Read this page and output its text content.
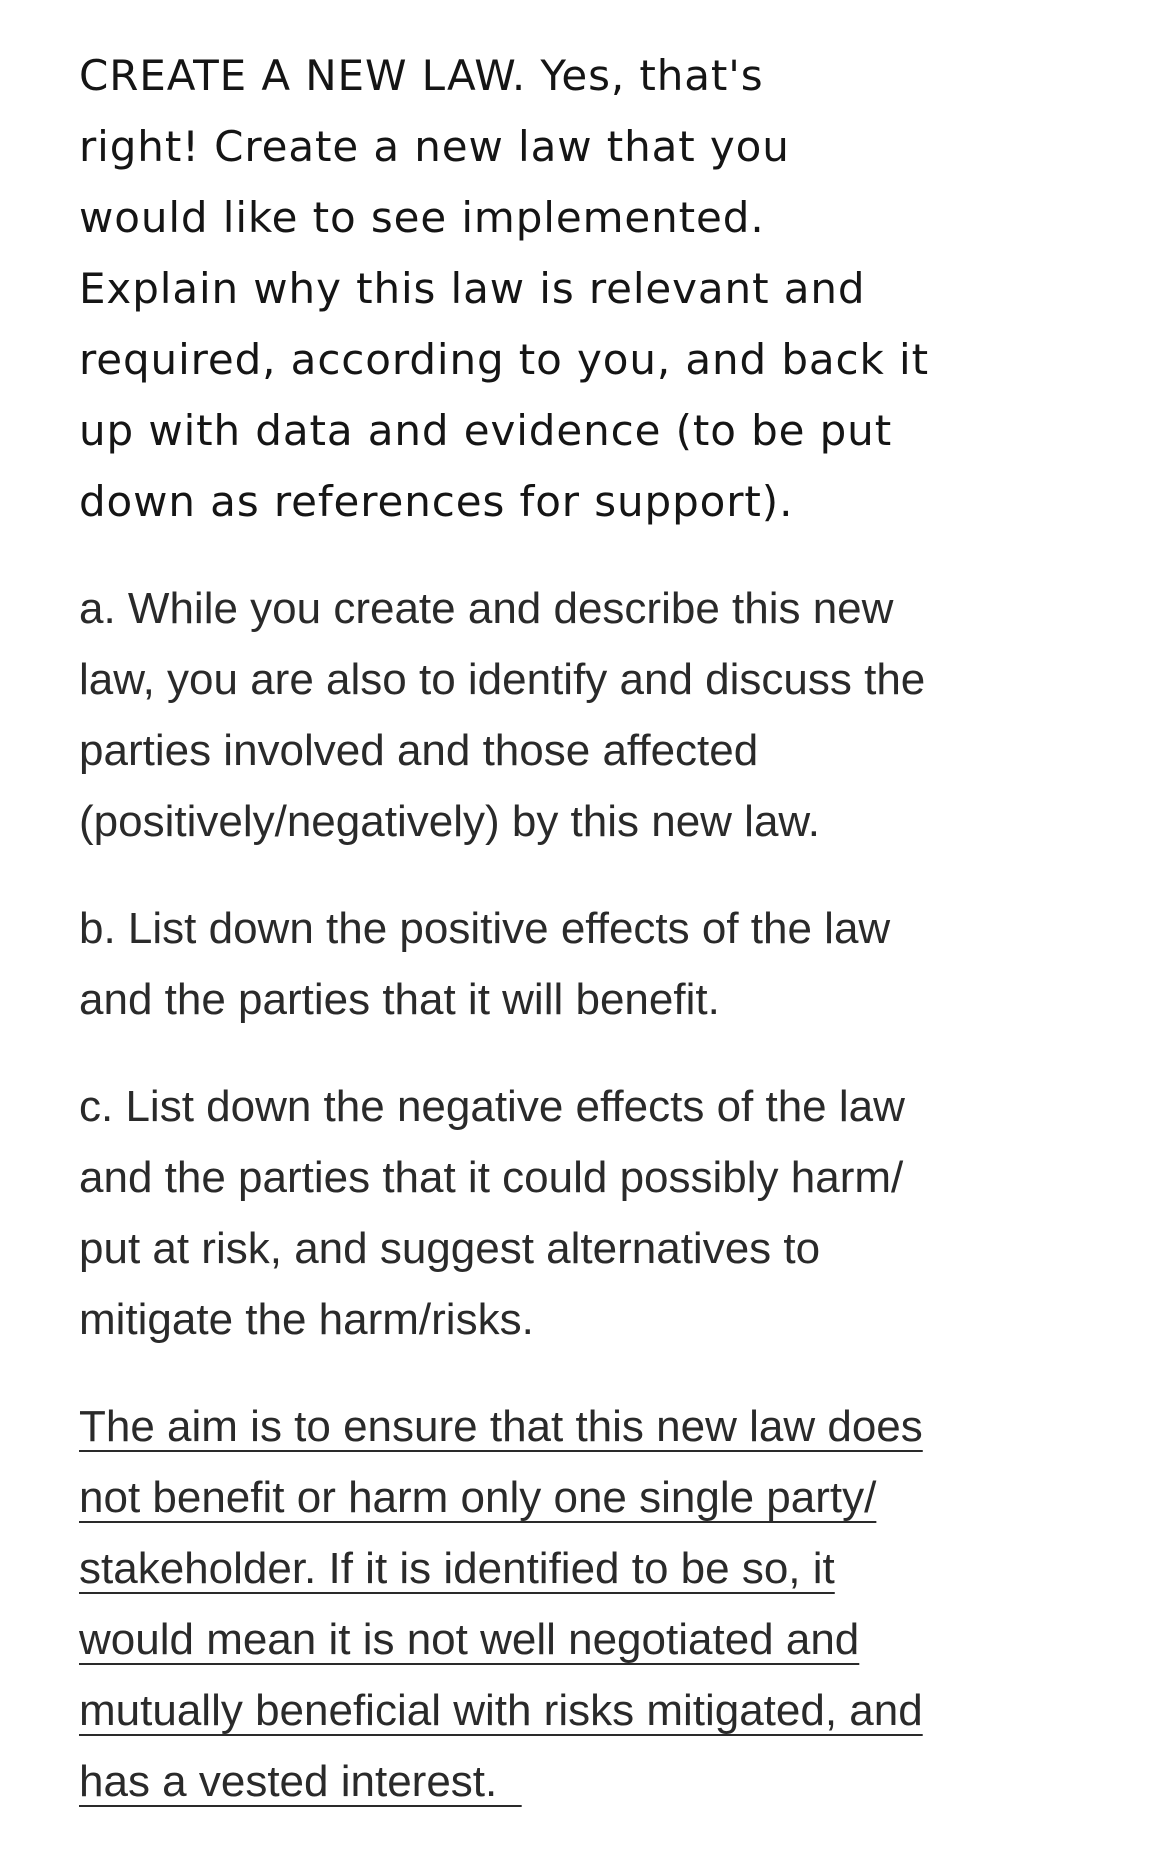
CREATE A NEW LAW. Yes, that's
right! Create a new law that you
would like to see implemented.
Explain why this law is relevant and
required, according to you, and back it
up with data and evidence (to be put
down as references for support).

a. While you create and describe this new
law, you are also to identify and discuss the
parties involved and those affected
(positively/negatively) by this new law.

b. List down the positive effects of the law
and the parties that it will benefit.

c. List down the negative effects of the law
and the parties that it could possibly harm/
put at risk, and suggest alternatives to
mitigate the harm/risks.

The aim is to ensure that this new law does
not benefit or harm only one single party/
stakeholder. If it is identified to be so, it
would mean it is not well negotiated and
mutually beneficial with risks mitigated, and
has a vested interest.
